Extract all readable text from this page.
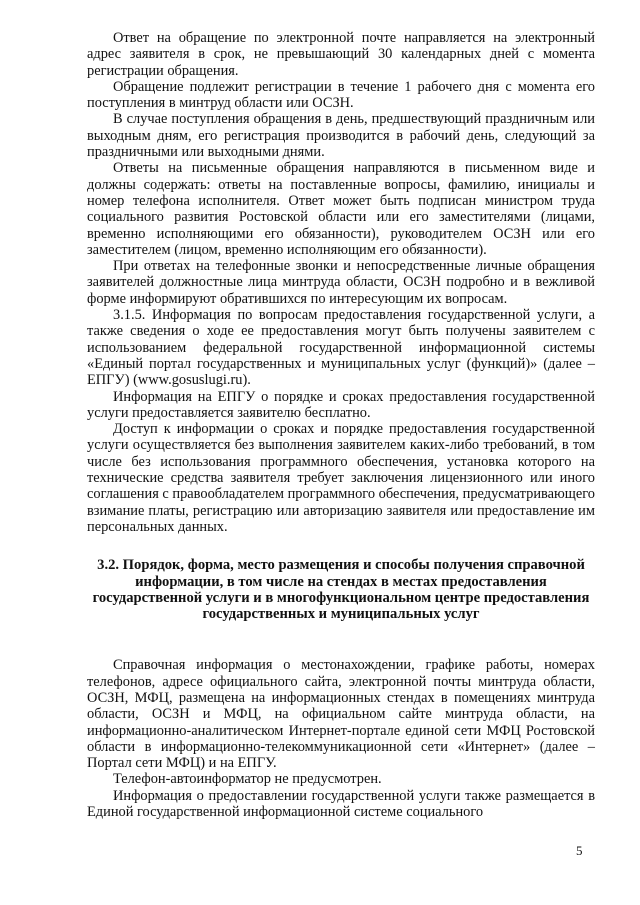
Ответ на обращение по электронной почте направляется на электронный адрес заявителя в срок, не превышающий 30 календарных дней с момента регистрации обращения.

Обращение подлежит регистрации в течение 1 рабочего дня с момента его поступления в минтруд области или ОСЗН.

В случае поступления обращения в день, предшествующий праздничным или выходным дням, его регистрация производится в рабочий день, следующий за праздничными или выходными днями.

Ответы на письменные обращения направляются в письменном виде и должны содержать: ответы на поставленные вопросы, фамилию, инициалы и номер телефона исполнителя. Ответ может быть подписан министром труда социального развития Ростовской области или его заместителями (лицами, временно исполняющими его обязанности), руководителем ОСЗН или его заместителем (лицом, временно исполняющим его обязанности).

При ответах на телефонные звонки и непосредственные личные обращения заявителей должностные лица минтруда области, ОСЗН подробно и в вежливой форме информируют обратившихся по интересующим их вопросам.

3.1.5. Информация по вопросам предоставления государственной услуги, а также сведения о ходе ее предоставления могут быть получены заявителем с использованием федеральной государственной информационной системы «Единый портал государственных и муниципальных услуг (функций)» (далее – ЕПГУ) (www.gosuslugi.ru).

Информация на ЕПГУ о порядке и сроках предоставления государственной услуги предоставляется заявителю бесплатно.

Доступ к информации о сроках и порядке предоставления государственной услуги осуществляется без выполнения заявителем каких-либо требований, в том числе без использования программного обеспечения, установка которого на технические средства заявителя требует заключения лицензионного или иного соглашения с правообладателем программного обеспечения, предусматривающего взимание платы, регистрацию или авторизацию заявителя или предоставление им персональных данных.

3.2. Порядок, форма, место размещения и способы получения справочной информации, в том числе на стендах в местах предоставления государственной услуги и в многофункциональном центре предоставления государственных и муниципальных услуг

Справочная информация о местонахождении, графике работы, номерах телефонов, адресе официального сайта, электронной почты минтруда области, ОСЗН, МФЦ, размещена на информационных стендах в помещениях минтруда области, ОСЗН и МФЦ, на официальном сайте минтруда области, на информационно-аналитическом Интернет-портале единой сети МФЦ Ростовской области в информационно-телекоммуникационной сети «Интернет» (далее – Портал сети МФЦ) и на ЕПГУ.

Телефон-автоинформатор не предусмотрен.

Информация о предоставлении государственной услуги также размещается в Единой государственной информационной системе социального

5
